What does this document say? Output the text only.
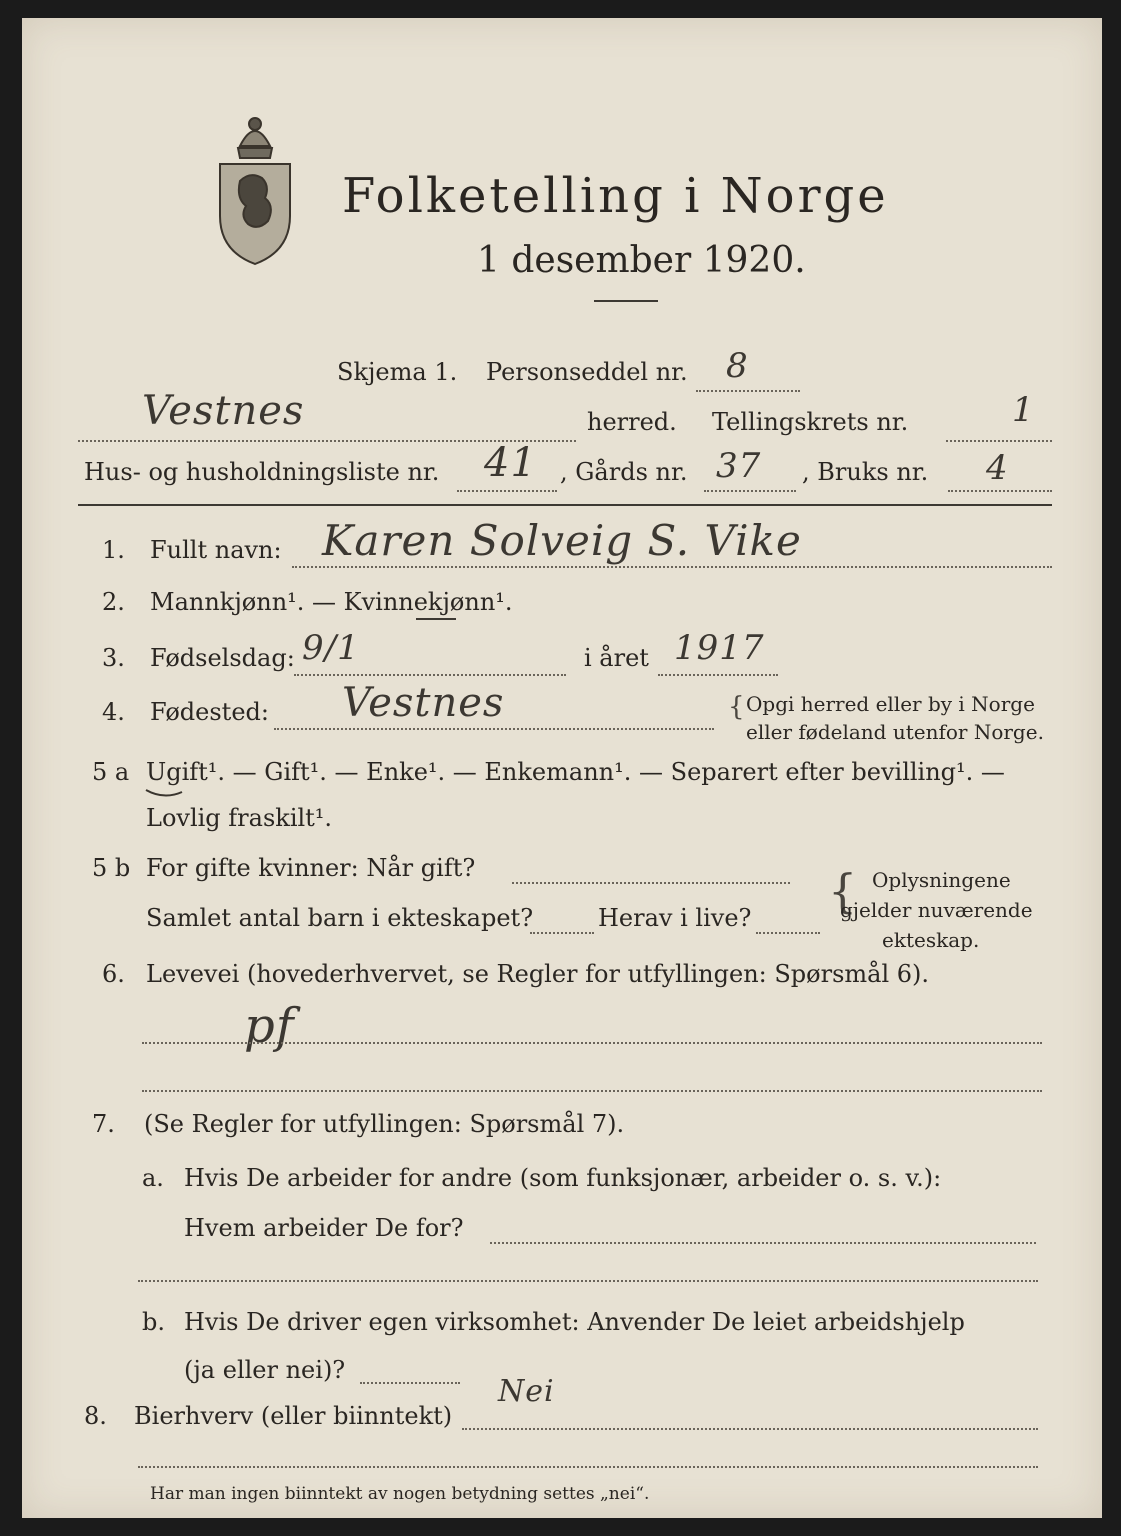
Folketelling i Norge
1 desember 1920.
Skjema 1. Personseddel nr. 8
Vestnes	herred. Tellingskrets nr.	1
Hus- og husholdningsliste nr. 41 , Gårds nr. 37 , Bruks nr. 4
1. Fullt navn: Karen Solveig S. Vike
2. Mannkjønn¹. — Kvinnekjønn¹.
3. Fødselsdag: 9/1	i året 1917
4. Fødested: Vestnes	{ Opgi herred eller by i Norge
eller fødeland utenfor Norge.
5 a Ugift¹. — Gift¹. — Enke¹. — Enkemann¹. — Separert efter bevilling¹. —
Lovlig fraskilt¹.
5 b For gifte kvinner: Når gift?
Samlet antal barn i ekteskapet?	Herav i live? { Oplysningene
gjelder nuværende
ekteskap.
6. Levevei (hovederhvervet, se Regler for utfyllingen: Spørsmål 6).
pf
7. (Se Regler for utfyllingen: Spørsmål 7).
a. Hvis De arbeider for andre (som funksjonær, arbeider o. s. v.):
Hvem arbeider De for?
b. Hvis De driver egen virksomhet: Anvender De leiet arbeidshjelp
(ja eller nei)?
8. Bierhverv (eller biinntekt)
Nei
Har man ingen biinntekt av nogen betydning settes „nei“.
